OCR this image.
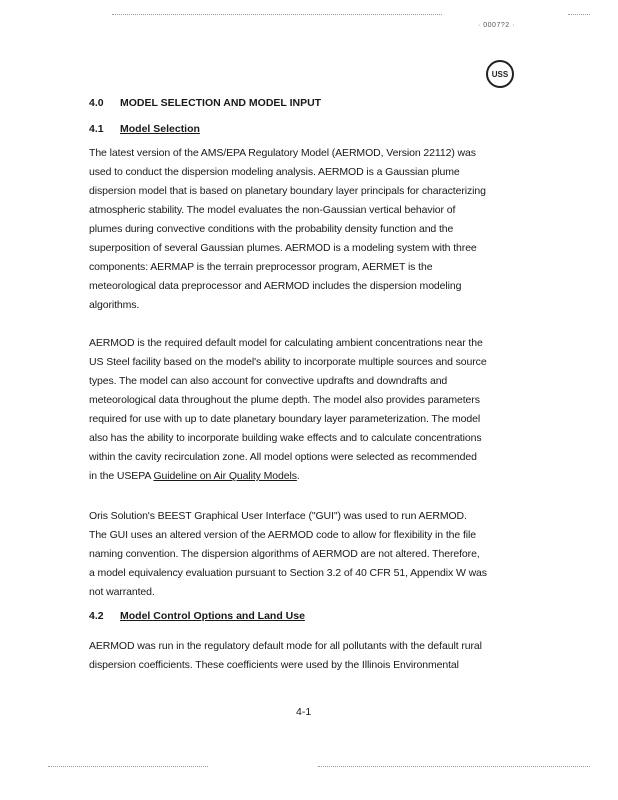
· 0007?2 ·
USS
4.0 MODEL SELECTION AND MODEL INPUT
4.1 Model Selection
The latest version of the AMS/EPA Regulatory Model (AERMOD, Version 22112) was
used to conduct the dispersion modeling analysis. AERMOD is a Gaussian plume
dispersion model that is based on planetary boundary layer principals for characterizing
atmospheric stability. The model evaluates the non-Gaussian vertical behavior of
plumes during convective conditions with the probability density function and the
superposition of several Gaussian plumes. AERMOD is a modeling system with three
components: AERMAP is the terrain preprocessor program, AERMET is the
meteorological data preprocessor and AERMOD includes the dispersion modeling
algorithms.
AERMOD is the required default model for calculating ambient concentrations near the
US Steel facility based on the model's ability to incorporate multiple sources and source
types. The model can also account for convective updrafts and downdrafts and
meteorological data throughout the plume depth. The model also provides parameters
required for use with up to date planetary boundary layer parameterization. The model
also has the ability to incorporate building wake effects and to calculate concentrations
within the cavity recirculation zone. All model options were selected as recommended
in the USEPA Guideline on Air Quality Models.
Oris Solution's BEEST Graphical User Interface ("GUI") was used to run AERMOD.
The GUI uses an altered version of the AERMOD code to allow for flexibility in the file
naming convention. The dispersion algorithms of AERMOD are not altered. Therefore,
a model equivalency evaluation pursuant to Section 3.2 of 40 CFR 51, Appendix W was
not warranted.
4.2 Model Control Options and Land Use
AERMOD was run in the regulatory default mode for all pollutants with the default rural
dispersion coefficients. These coefficients were used by the Illinois Environmental
4-1
